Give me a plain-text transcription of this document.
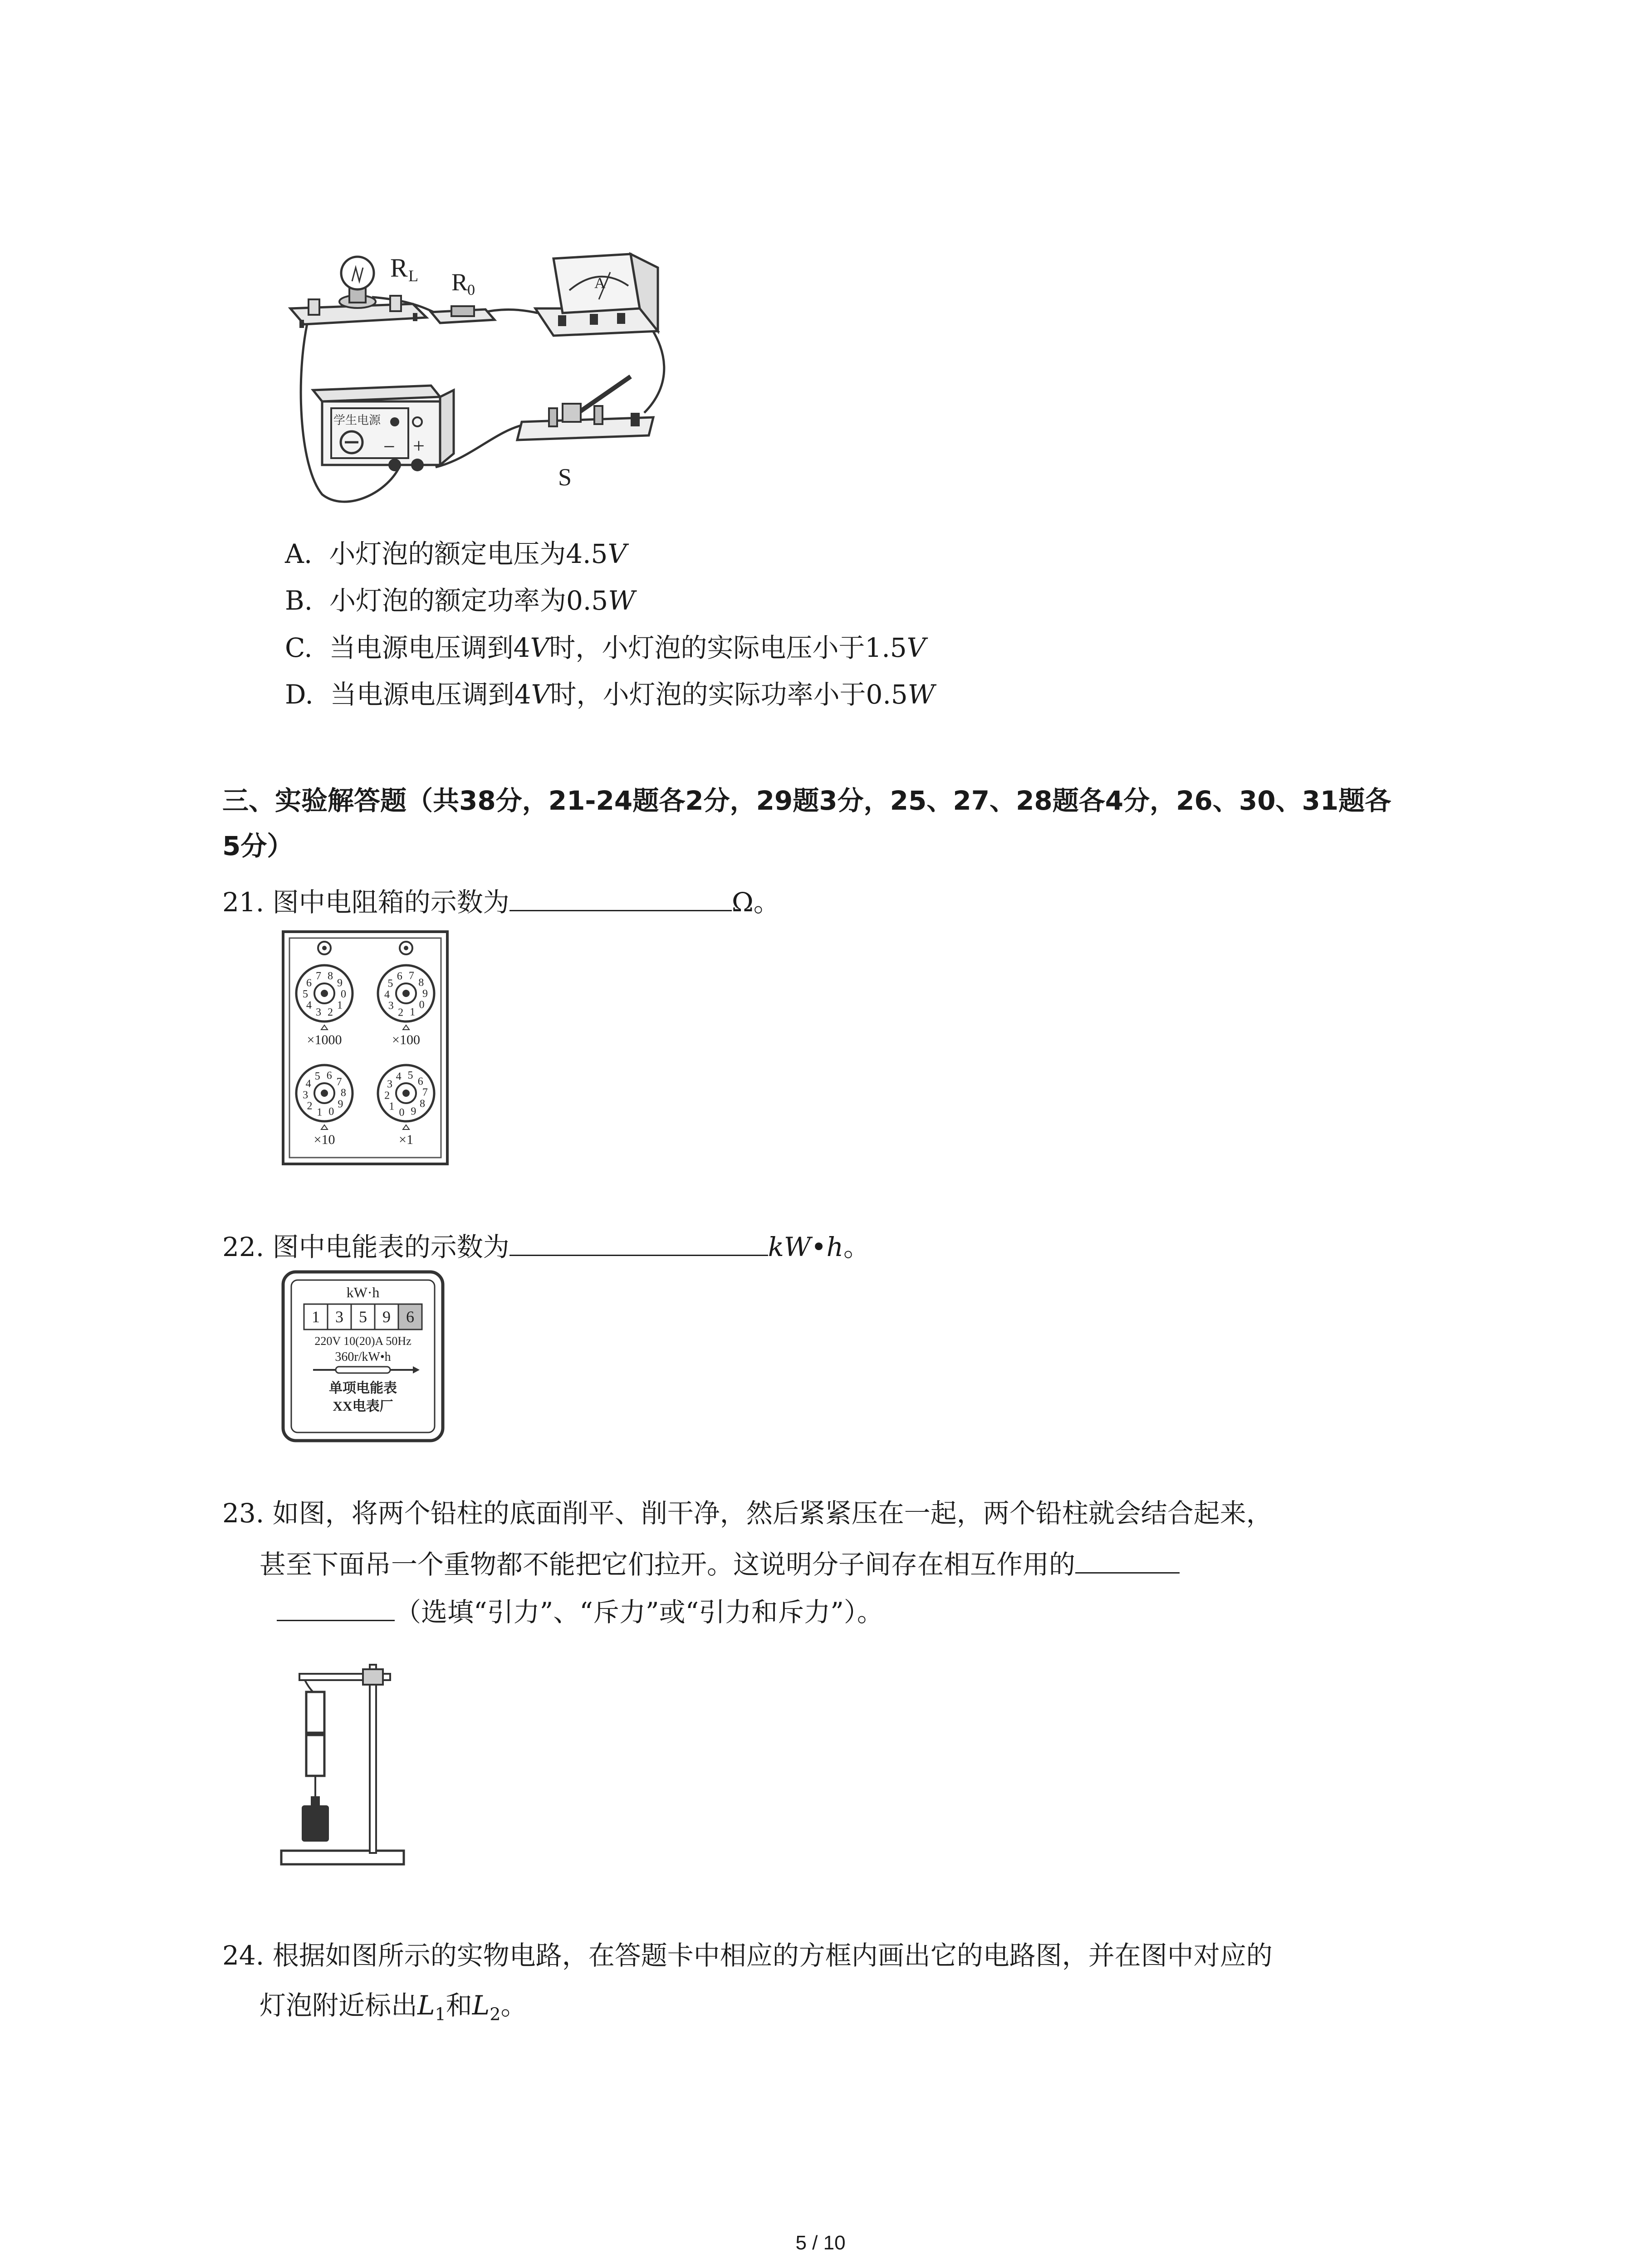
R L R
0	A
学生电源
− +
S
A. 小灯泡的额定电压为4.5V
B. 小灯泡的额定功率为0.5W
C. 当电源电压调到4V时，小灯泡的实际电压小于1.5V
D. 当电源电压调到4V时，小灯泡的实际功率小于0.5W
三、实验解答题（共38分，21-24题各2分，29题3分，25、27、28题各4分，26、30、31题各
5分）
21. 图中电阻箱的示数为	Ω。
0
1
2
3
4
5
6
7 8
9
×1000
0
1
2
3
4
5
6 7
8
9
×100
0
1
2
3
4
5 6
7
8
9
×10
0
1
2
3
4 5
6
7
8
9
×1
22. 图中电能表的示数为	kW•h。
kW·h
1 3 5 9 6
220V 10(20)A 50Hz
360r/kW•h
单项电能表
XX电表厂
23. 如图，将两个铅柱的底面削平、削干净，然后紧紧压在一起，两个铅柱就会结合起来，
甚至下面吊一个重物都不能把它们拉开。这说明分子间存在相互作用的
（选填“引力”、“斥力”或“引力和斥力”）。
24. 根据如图所示的实物电路，在答题卡中相应的方框内画出它的电路图，并在图中对应的
灯泡附近标出$L_1$和$L_2$。
5 / 10
